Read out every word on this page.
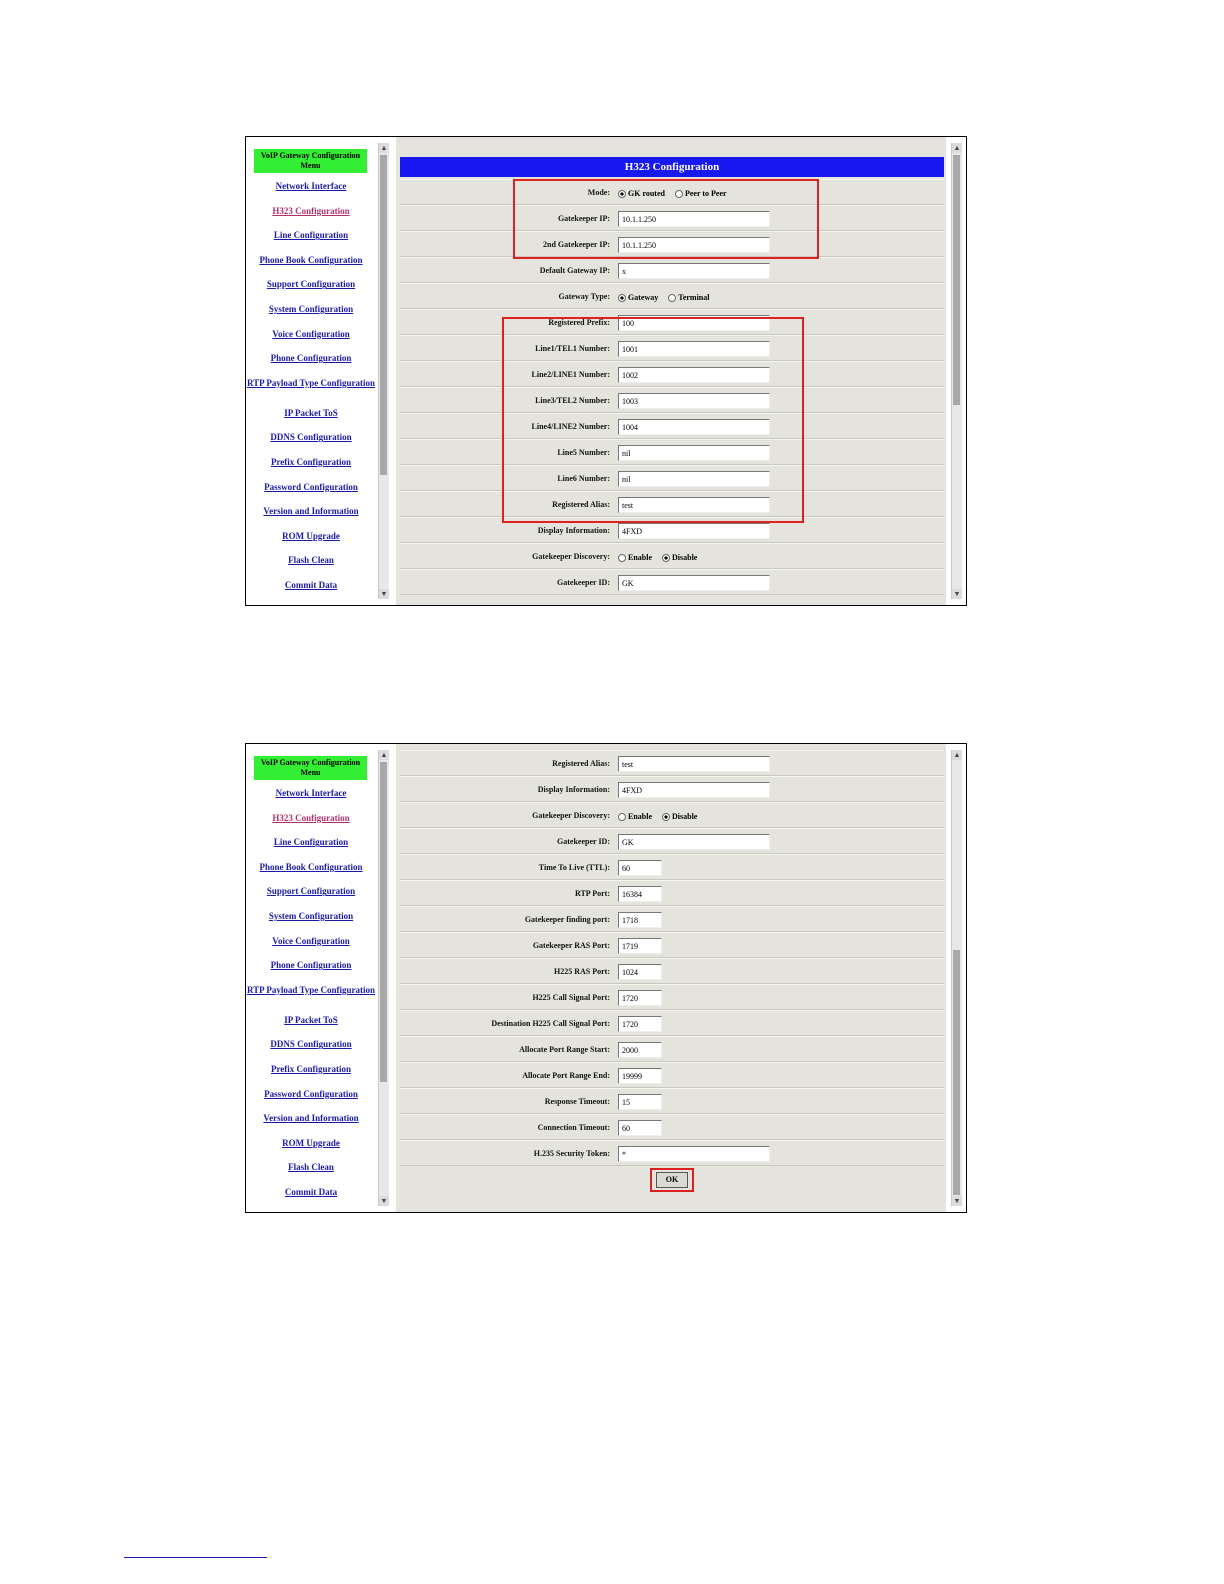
VoIP Gateway Configuration Menu
Network Interface
H323 Configuration
Line Configuration
Phone Book Configuration
Support Configuration
System Configuration
Voice Configuration
Phone Configuration
RTP Payload Type Configuration
IP Packet ToS
DDNS Configuration
Prefix Configuration
Password Configuration
Version and Information
ROM Upgrade
Flash Clean
Commit Data
▲
▼
H323 Configuration
Mode:	GK routed	Peer to Peer
Gatekeeper IP:	10.1.1.250
2nd Gatekeeper IP:	10.1.1.250
Default Gateway IP:	x
Gateway Type:	Gateway	Terminal
Registered Prefix:	100
Line1/TEL1 Number:	1001
Line2/LINE1 Number:	1002
Line3/TEL2 Number:	1003
Line4/LINE2 Number:	1004
Line5 Number:	nil
Line6 Number:	nil
Registered Alias:	test
Display Information:	4FXD
Gatekeeper Discovery:	Enable	Disable
Gatekeeper ID:	GK
▲
▼
VoIP Gateway Configuration Menu
Network Interface
H323 Configuration
Line Configuration
Phone Book Configuration
Support Configuration
System Configuration
Voice Configuration
Phone Configuration
RTP Payload Type Configuration
IP Packet ToS
DDNS Configuration
Prefix Configuration
Password Configuration
Version and Information
ROM Upgrade
Flash Clean
Commit Data
▲
▼
Registered Alias:	test
Display Information:	4FXD
Gatekeeper Discovery:	Enable	Disable
Gatekeeper ID:	GK
Time To Live (TTL):	60
RTP Port:	16384
Gatekeeper finding port:	1718
Gatekeeper RAS Port:	1719
H225 RAS Port:	1024
H225 Call Signal Port:	1720
Destination H225 Call Signal Port:	1720
Allocate Port Range Start:	2000
Allocate Port Range End:	19999
Response Timeout:	15
Connection Timeout:	60
H.235 Security Token:	*
OK
▲
▼
